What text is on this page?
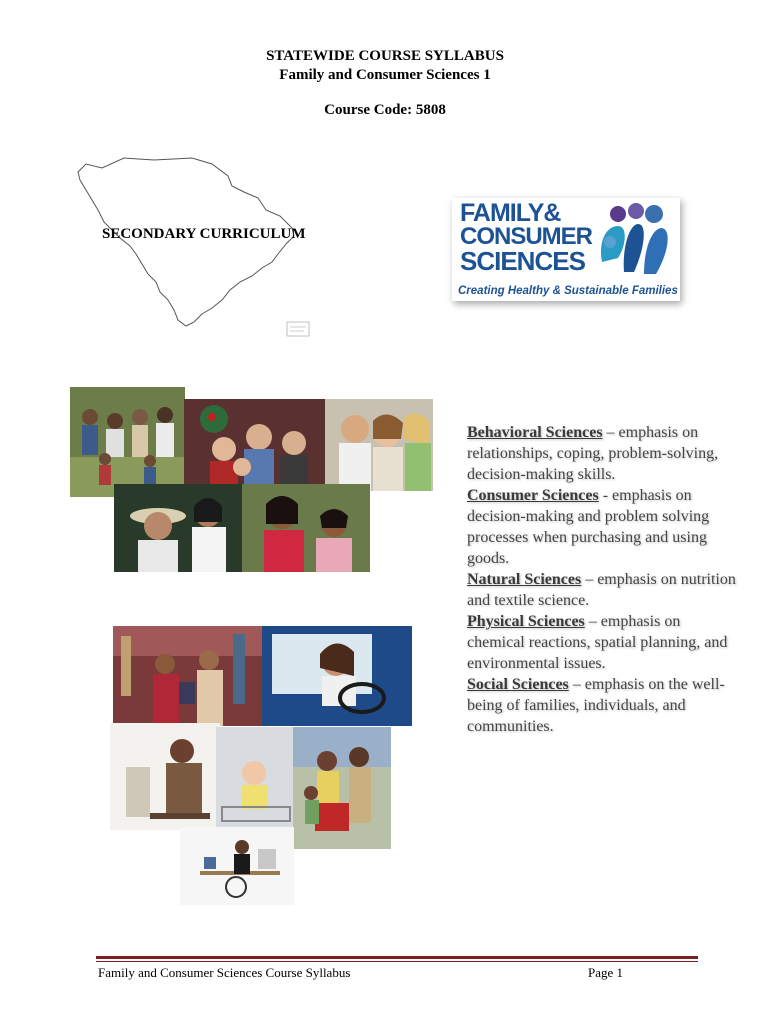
STATEWIDE COURSE SYLLABUS
Family and Consumer Sciences 1
Course Code: 5808
SECONDARY CURRICULUM
FAMILY&
CONSUMER
SCIENCES
Creating Healthy & Sustainable Families
Behavioral Sciences – emphasis on relationships, coping, problem-solving, decision-making skills.
Consumer Sciences - emphasis on decision-making and problem solving processes when purchasing and using goods.
Natural Sciences – emphasis on nutrition and textile science.
Physical Sciences – emphasis on chemical reactions, spatial planning, and environmental issues.
Social Sciences – emphasis on the well-being of families, individuals, and communities.
Family and Consumer Sciences Course Syllabus	Page 1
